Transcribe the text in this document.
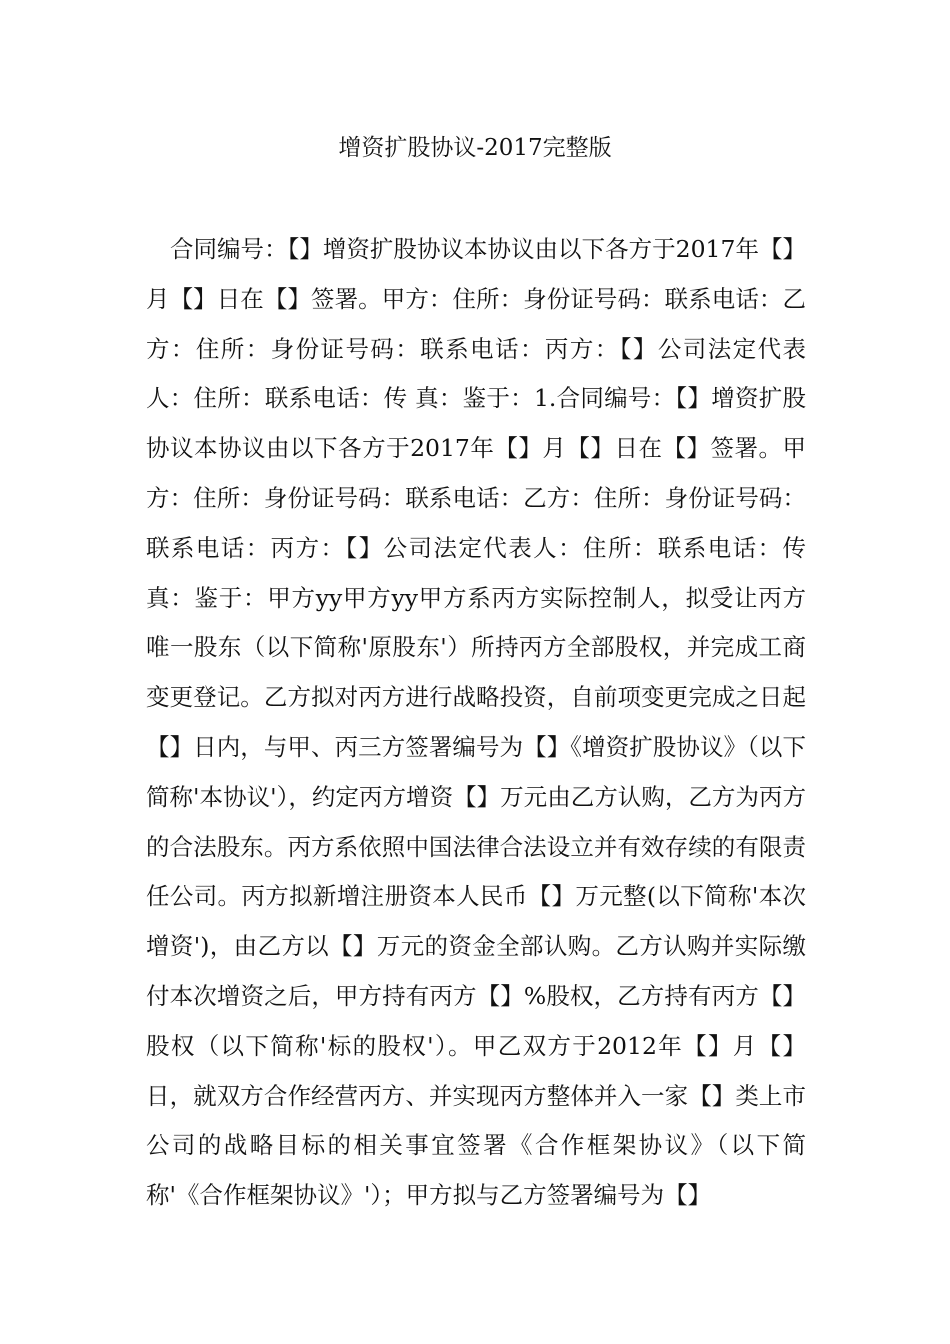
增资扩股协议-2017完整版

合同编号：【】增资扩股协议本协议由以下各方于2017年【】月【】日在【】签署。甲方：住所：身份证号码：联系电话：乙方：住所：身份证号码：联系电话：丙方：【】公司法定代表人：住所：联系电话：传 真：鉴于：1.合同编号：【】增资扩股协议本协议由以下各方于2017年【】月【】日在【】签署。甲方：住所：身份证号码：联系电话：乙方：住所：身份证号码：联系电话：丙方：【】公司法定代表人：住所：联系电话：传 真：鉴于：甲方yy甲方yy甲方系丙方实际控制人，拟受让丙方唯一股东（以下简称'原股东'）所持丙方全部股权，并完成工商变更登记。乙方拟对丙方进行战略投资，自前项变更完成之日起【】日内，与甲、丙三方签署编号为【】《增资扩股协议》（以下简称'本协议'），约定丙方增资【】万元由乙方认购，乙方为丙方的合法股东。丙方系依照中国法律合法设立并有效存续的有限责任公司。丙方拟新增注册资本人民币【】万元整(以下简称'本次增资')，由乙方以【】万元的资金全部认购。乙方认购并实际缴付本次增资之后，甲方持有丙方【】%股权，乙方持有丙方【】股权（以下简称'标的股权'）。甲乙双方于2012年【】月【】日，就双方合作经营丙方、并实现丙方整体并入一家【】类上市公司的战略目标的相关事宜签署《合作框架协议》（以下简称'《合作框架协议》'）；甲方拟与乙方签署编号为【】
